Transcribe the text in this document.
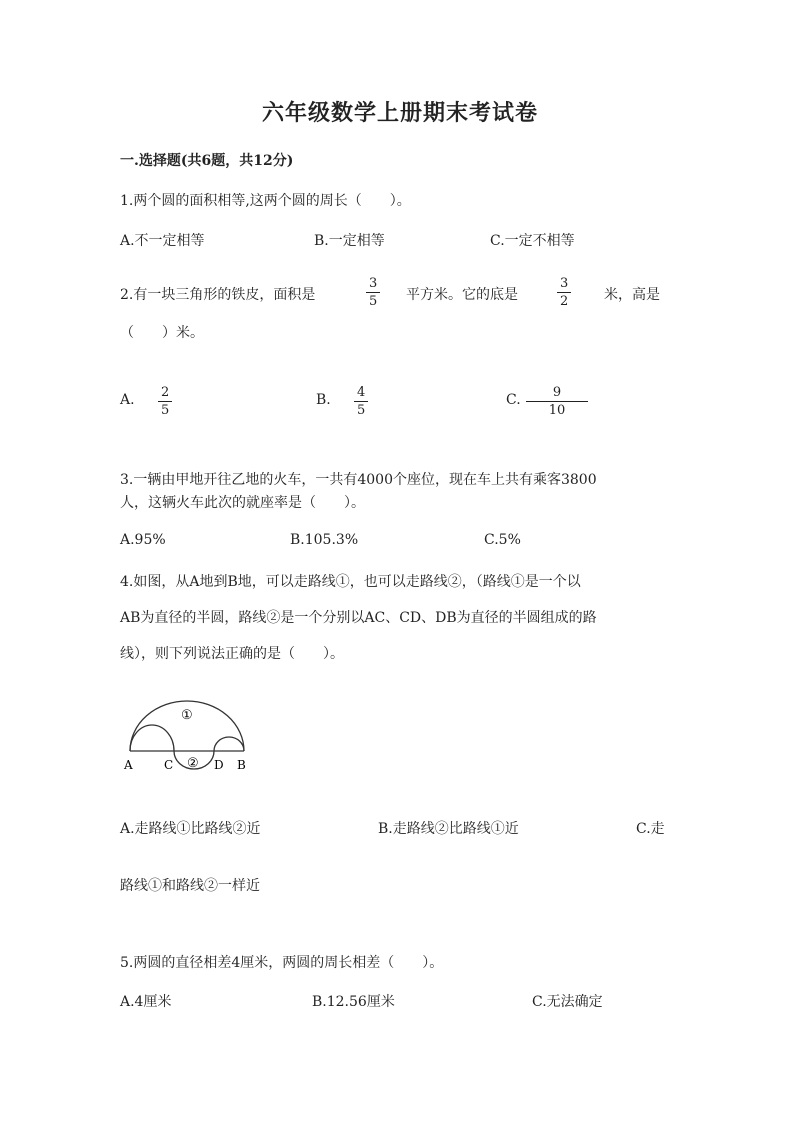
六年级数学上册期末考试卷
一.选择题(共6题，共12分)
1.两个圆的面积相等,这两个圆的周长（　　）。
A.不一定相等	B.一定相等	C.一定不相等
2.有一块三角形的铁皮，面积是
3
5 平方米。它的底是
3
2	米，高是
（　　）米。
A. 2
5
B. 4
5
C. 9
10
3.一辆由甲地开往乙地的火车，一共有4000个座位，现在车上共有乘客3800
人，这辆火车此次的就座率是（　　）。
A.95%	B.105.3%	C.5%
4.如图，从A地到B地，可以走路线①，也可以走路线②，（路线①是一个以
AB为直径的半圆，路线②是一个分别以AC、CD、DB为直径的半圆组成的路
线），则下列说法正确的是（　　）。
①
②
A	C	D B
A.走路线①比路线②近	B.走路线②比路线①近	C.走
路线①和路线②一样近
5.两圆的直径相差4厘米，两圆的周长相差（　　）。
A.4厘米	B.12.56厘米	C.无法确定
